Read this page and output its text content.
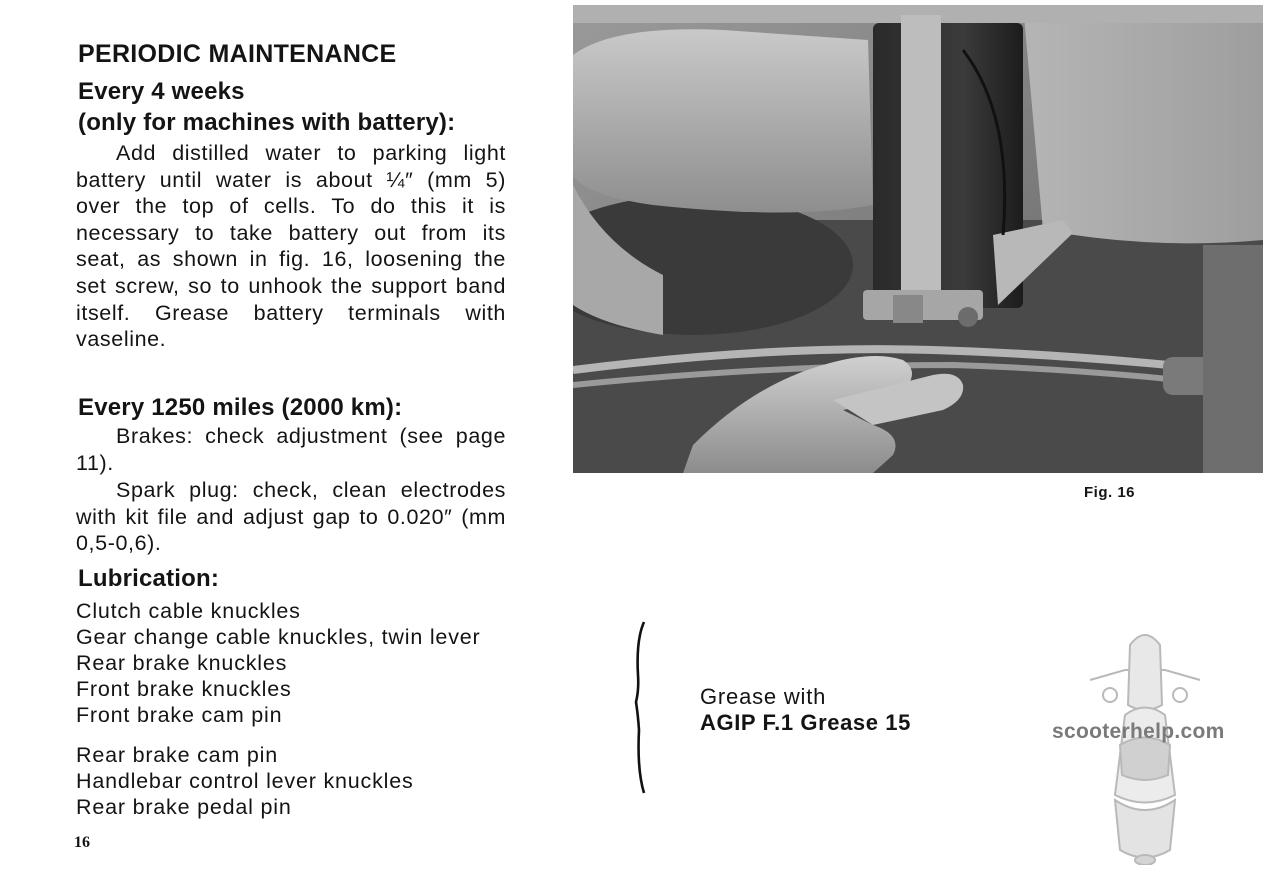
PERIODIC MAINTENANCE
Every 4 weeks
(only for machines with battery):
Add distilled water to parking light battery until water is about ¼″ (mm 5) over the top of cells. To do this it is necessary to take battery out from its seat, as shown in fig. 16, loosening the set screw, so to unhook the support band itself. Grease battery terminals with vaseline.
Every 1250 miles (2000 km):
Brakes: check adjustment (see page 11).
Spark plug: check, clean electrodes with kit file and adjust gap to 0.020″ (mm 0,5-0,6).
Lubrication:
Clutch cable knuckles
Gear change cable knuckles, twin lever
Rear brake knuckles
Front brake knuckles
Front brake cam pin
Rear brake cam pin
Handlebar control lever knuckles
Rear brake pedal pin
16
Fig. 16
Grease with
AGIP F.1 Grease 15	scooterhelp.com
